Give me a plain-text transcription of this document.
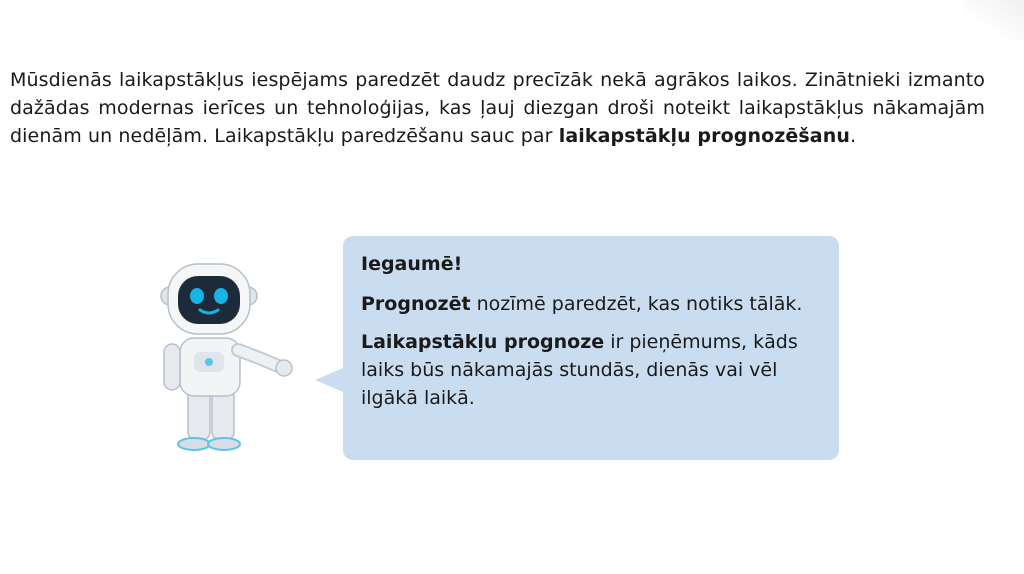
Mūsdienās laikapstākļus iespējams paredzēt daudz precīzāk nekā agrākos laikos. Zinātnieki izmanto dažādas modernas ierīces un tehnoloģijas, kas ļauj diezgan droši noteikt laikapstākļus nākamajām dienām un nedēļām. Laikapstākļu paredzēšanu sauc par laikapstākļu prognozēšanu.

Iegaumē!

Prognozēt nozīmē paredzēt, kas notiks tālāk.

Laikapstākļu prognoze ir pieņēmums, kāds laiks būs nākamajās stundās, dienās vai vēl ilgākā laikā.
